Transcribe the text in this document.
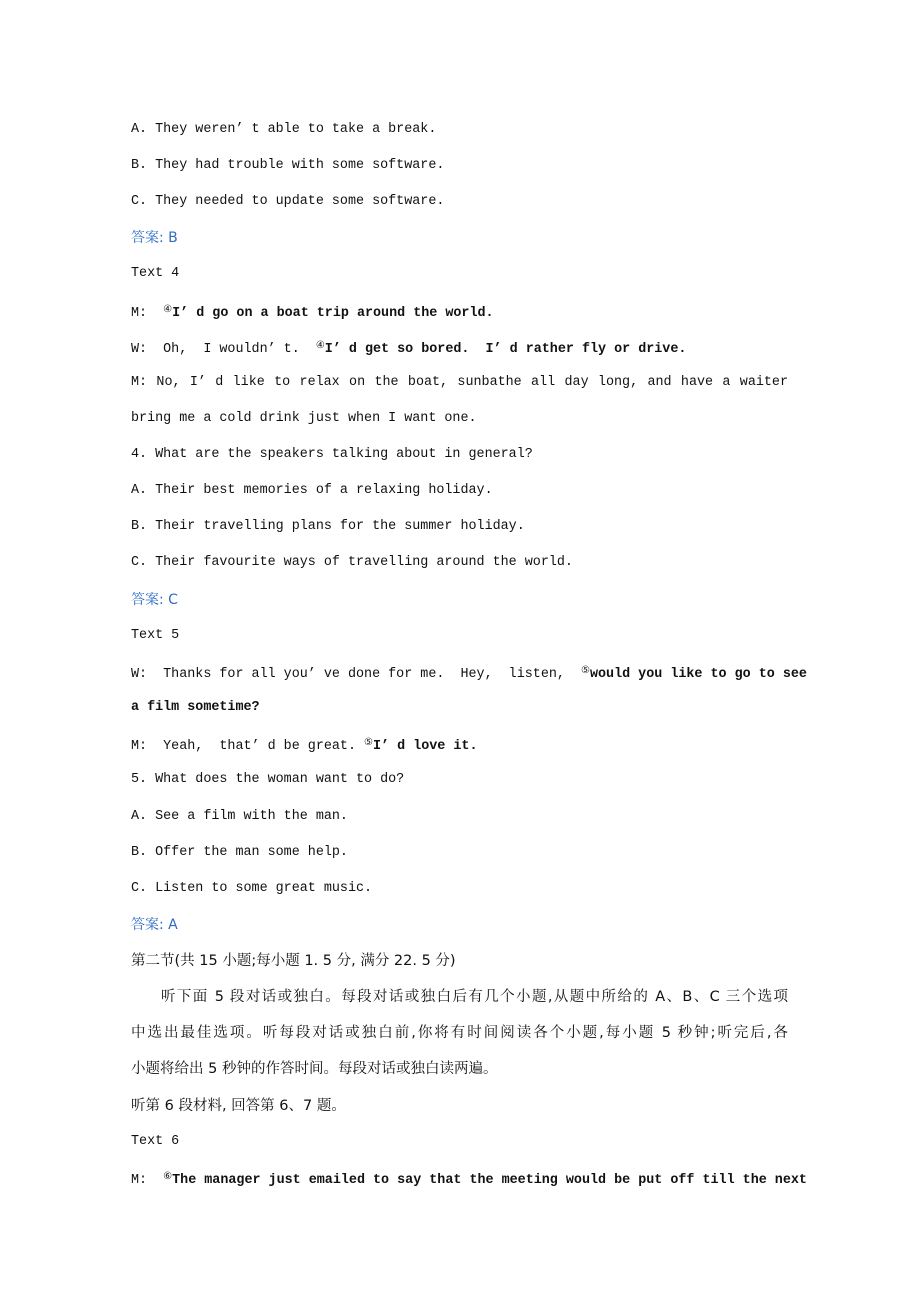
A. They weren’ t able to take a break.
B. They had trouble with some software.
C. They needed to update some software.
答案: B
Text 4
M:  ④I’ d go on a boat trip around the world.
W:  Oh,  I wouldn’ t.  ④I’ d get so bored.  I’ d rather fly or drive.
M: No, I’ d like to relax on the boat, sunbathe all day long, and have a waiter
bring me a cold drink just when I want one.
4. What are the speakers talking about in general?
A. Their best memories of a relaxing holiday.
B. Their travelling plans for the summer holiday.
C. Their favourite ways of travelling around the world.
答案: C
Text 5
W:  Thanks for all you’ ve done for me.  Hey,  listen,  ⑤would you like to go to see
a film sometime?
M:  Yeah,  that’ d be great. ⑤I’ d love it.
5. What does the woman want to do?
A. See a film with the man.
B. Offer the man some help.
C. Listen to some great music.
答案: A
第二节(共 15 小题;每小题 1. 5 分, 满分 22. 5 分)
听下面 5 段对话或独白。每段对话或独白后有几个小题,从题中所给的 A、B、C 三个选项
中选出最佳选项。听每段对话或独白前,你将有时间阅读各个小题,每小题 5 秒钟;听完后,各
小题将给出 5 秒钟的作答时间。每段对话或独白读两遍。
听第 6 段材料, 回答第 6、7 题。
Text 6
M:  ⑥The manager just emailed to say that the meeting would be put off till the next
